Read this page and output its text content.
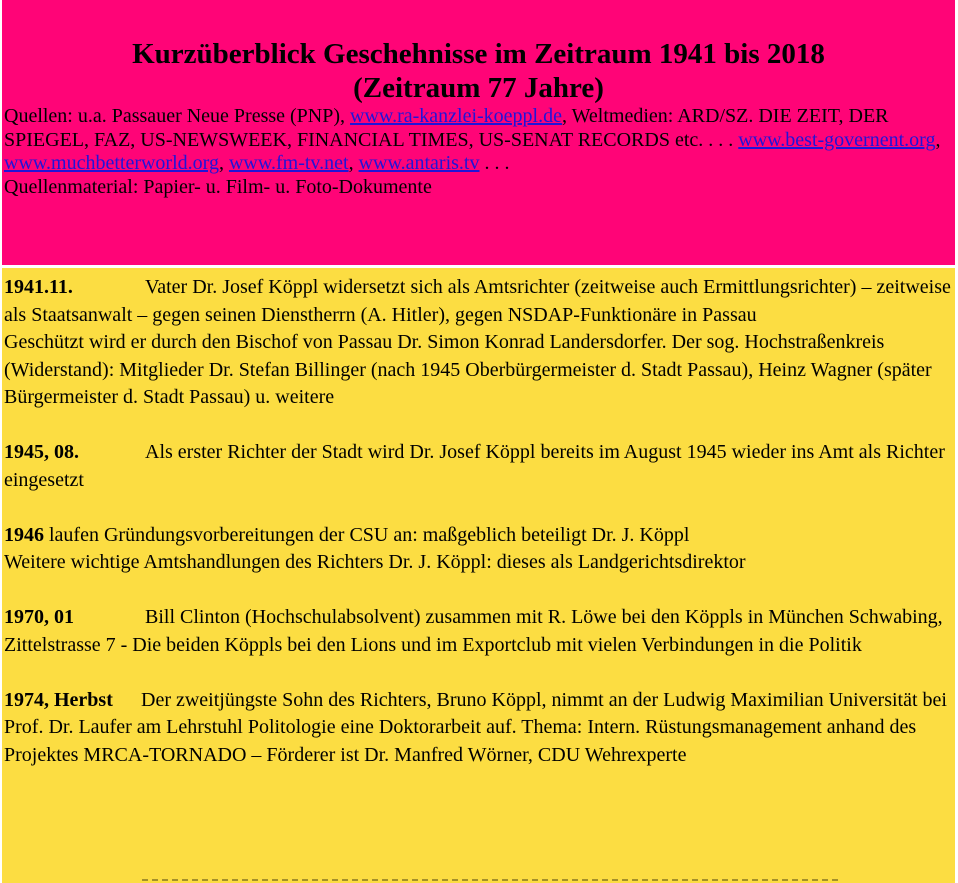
Kurzüberblick Geschehnisse im Zeitraum 1941 bis 2018
(Zeitraum 77 Jahre)

Quellen: u.a. Passauer Neue Presse (PNP), www.ra-kanzlei-koeppl.de, Weltmedien: ARD/SZ. DIE ZEIT, DER SPIEGEL, FAZ, US-NEWSWEEK, FINANCIAL TIMES, US-SENAT RECORDS etc. . . . www.best-governent.org, www.muchbetterworld.org, www.fm-tv.net, www.antaris.tv . . .
Quellenmaterial: Papier- u. Film- u. Foto-Dokumente

1941.11.	Vater Dr. Josef Köppl widersetzt sich als Amtsrichter (zeitweise auch Ermittlungsrichter) – zeitweise als Staatsanwalt – gegen seinen Dienstherrn (A. Hitler), gegen NSDAP-Funktionäre in Passau
Geschützt wird er durch den Bischof von Passau Dr. Simon Konrad Landersdorfer. Der sog. Hochstraßenkreis (Widerstand): Mitglieder Dr. Stefan Billinger (nach 1945 Oberbürgermeister d. Stadt Passau), Heinz Wagner (später Bürgermeister d. Stadt Passau) u. weitere

1945, 08.	Als erster Richter der Stadt wird Dr. Josef Köppl bereits im August 1945 wieder ins Amt als Richter eingesetzt

1946 laufen Gründungsvorbereitungen der CSU an: maßgeblich beteiligt Dr. J. Köppl
Weitere wichtige Amtshandlungen des Richters Dr. J. Köppl: dieses als Landgerichtsdirektor

1970, 01	Bill Clinton (Hochschulabsolvent) zusammen mit R. Löwe bei den Köppls in München Schwabing, Zittelstrasse 7 - Die beiden Köppls bei den Lions und im Exportclub mit vielen Verbindungen in die Politik

1974, Herbst Der zweitjüngste Sohn des Richters, Bruno Köppl, nimmt an der Ludwig Maximilian Universität bei Prof. Dr. Laufer am Lehrstuhl Politologie eine Doktorarbeit auf. Thema: Intern. Rüstungsmanagement anhand des Projektes MRCA-TORNADO – Förderer ist Dr. Manfred Wörner, CDU Wehrexperte
